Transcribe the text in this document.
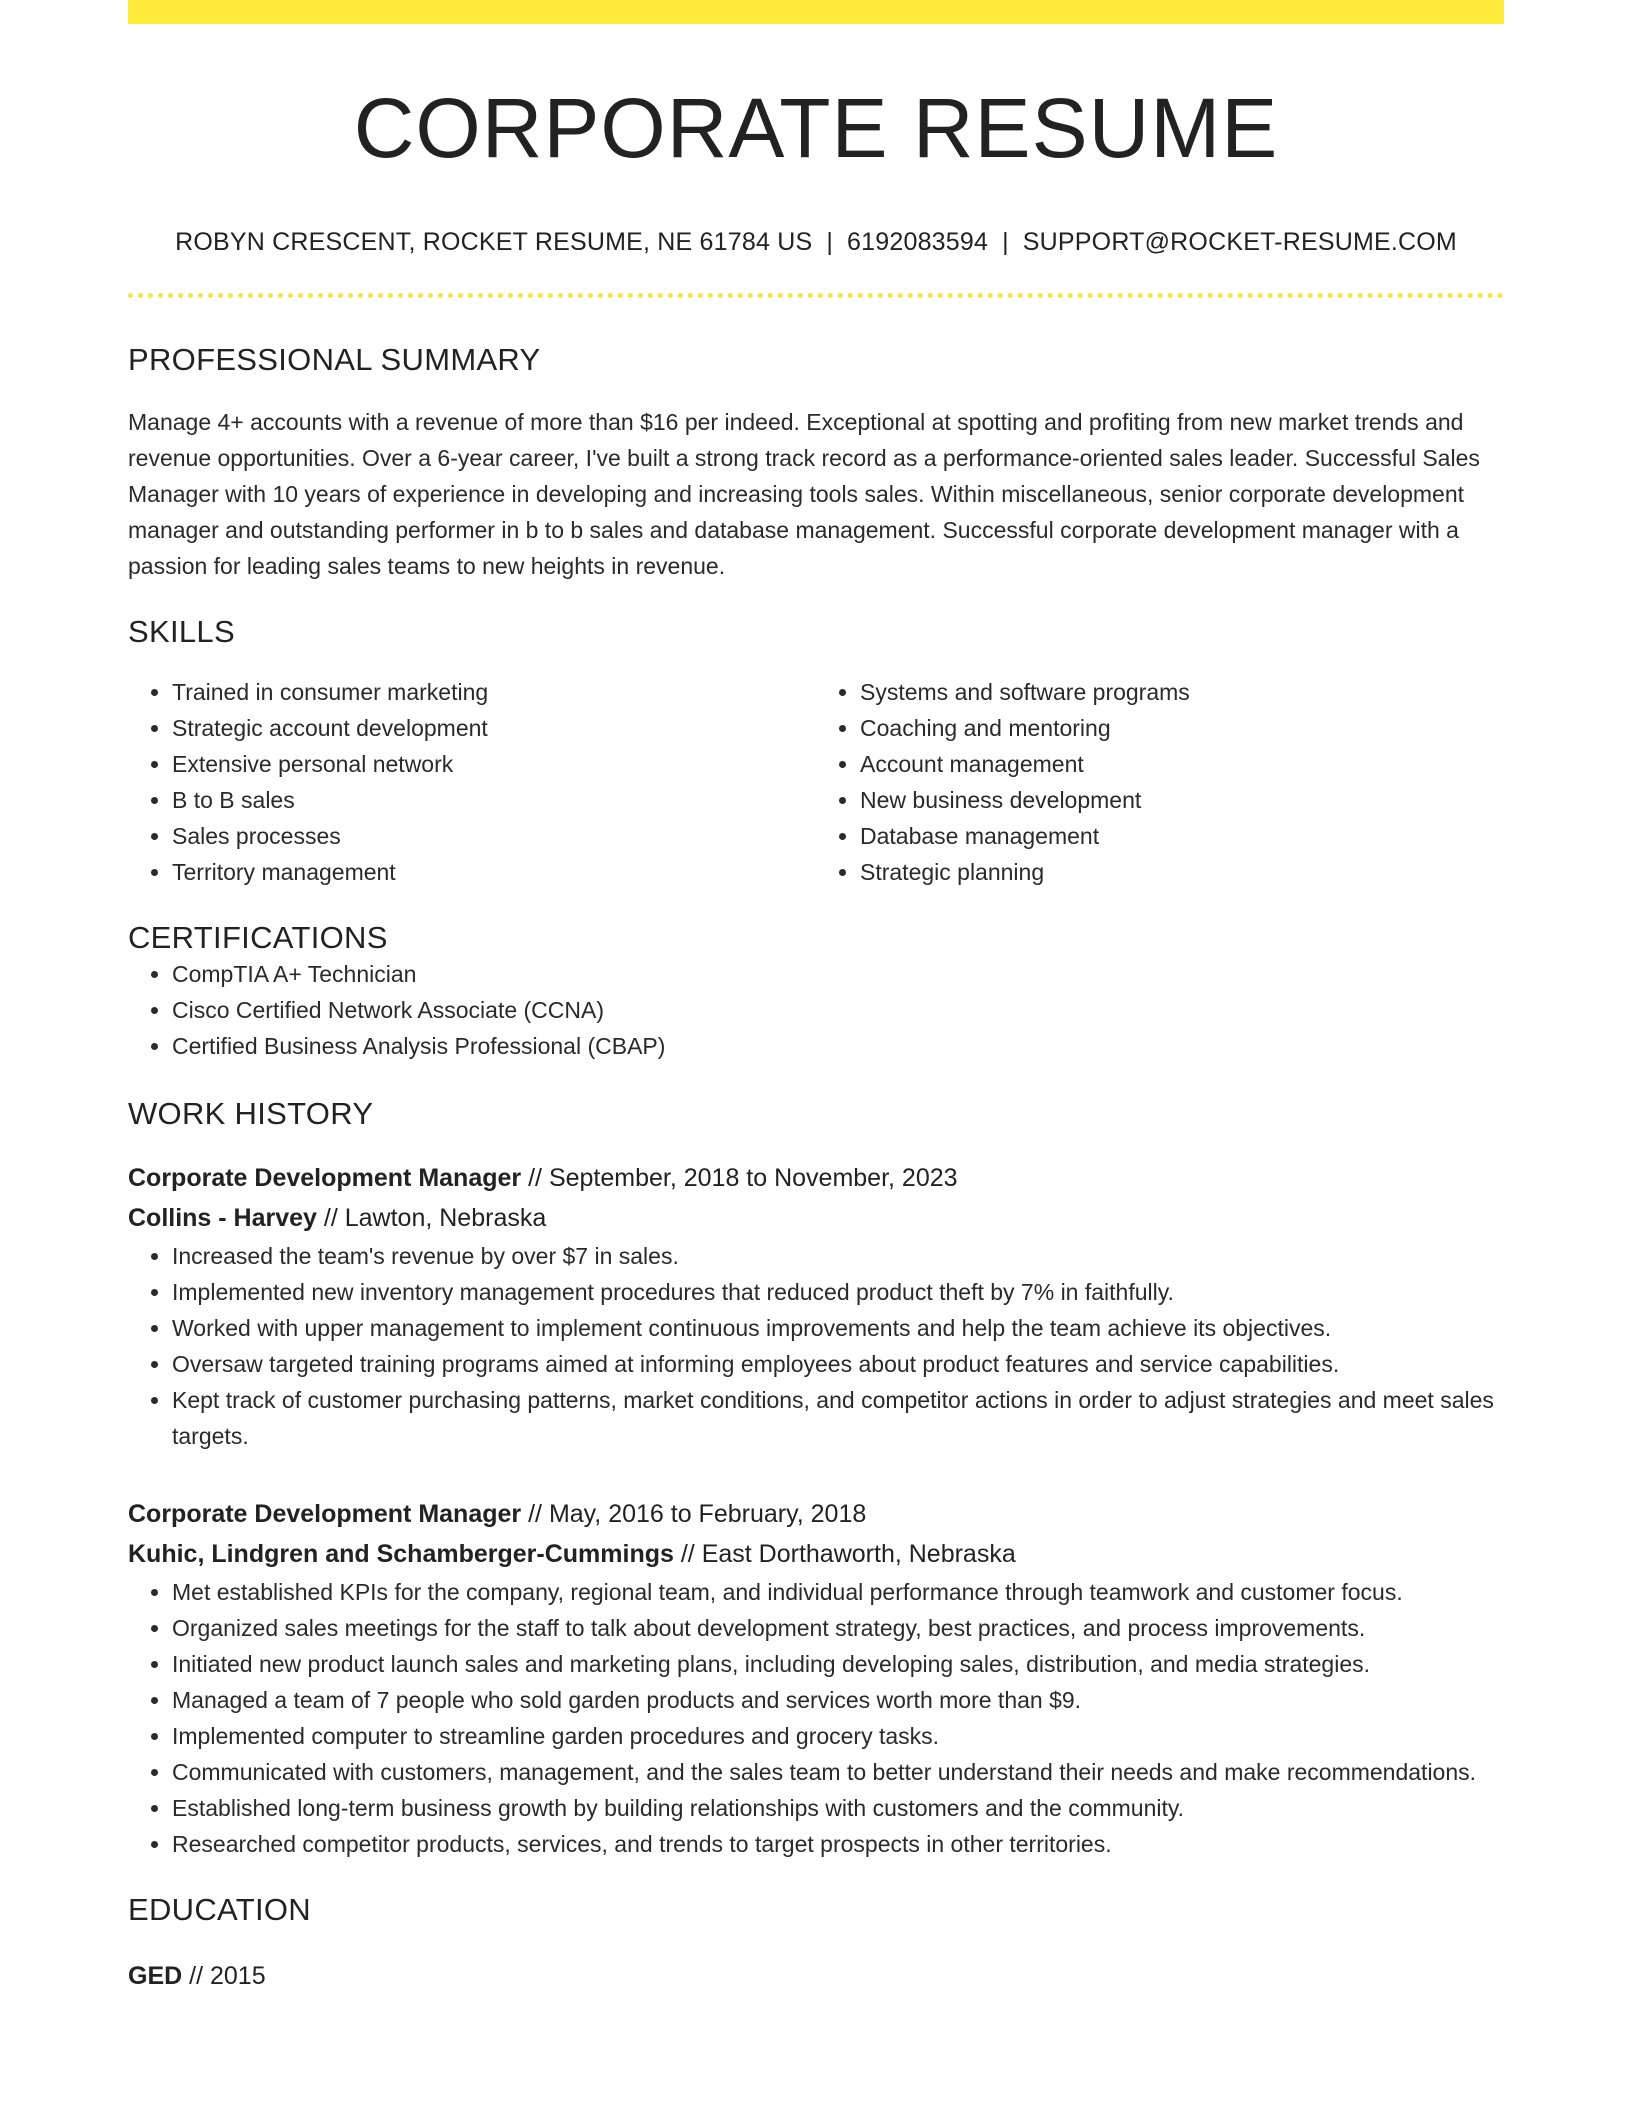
CORPORATE RESUME
ROBYN CRESCENT, ROCKET RESUME, NE 61784 US | 6192083594 | SUPPORT@ROCKET-RESUME.COM
PROFESSIONAL SUMMARY

Manage 4+ accounts with a revenue of more than $16 per indeed. Exceptional at spotting and profiting from new market trends and revenue opportunities. Over a 6-year career, I've built a strong track record as a performance-oriented sales leader. Successful Sales Manager with 10 years of experience in developing and increasing tools sales. Within miscellaneous, senior corporate development manager and outstanding performer in b to b sales and database management. Successful corporate development manager with a passion for leading sales teams to new heights in revenue.

SKILLS
• Trained in consumer marketing
• Strategic account development
• Extensive personal network
• B to B sales
• Sales processes
• Territory management
• Systems and software programs
• Coaching and mentoring
• Account management
• New business development
• Database management
• Strategic planning
CERTIFICATIONS
• CompTIA A+ Technician
• Cisco Certified Network Associate (CCNA)
• Certified Business Analysis Professional (CBAP)
WORK HISTORY
Corporate Development Manager // September, 2018 to November, 2023
Collins - Harvey // Lawton, Nebraska
• Increased the team's revenue by over $7 in sales.
• Implemented new inventory management procedures that reduced product theft by 7% in faithfully.
• Worked with upper management to implement continuous improvements and help the team achieve its objectives.
• Oversaw targeted training programs aimed at informing employees about product features and service capabilities.
• Kept track of customer purchasing patterns, market conditions, and competitor actions in order to adjust strategies and meet sales targets.
Corporate Development Manager // May, 2016 to February, 2018
Kuhic, Lindgren and Schamberger-Cummings // East Dorthaworth, Nebraska
• Met established KPIs for the company, regional team, and individual performance through teamwork and customer focus.
• Organized sales meetings for the staff to talk about development strategy, best practices, and process improvements.
• Initiated new product launch sales and marketing plans, including developing sales, distribution, and media strategies.
• Managed a team of 7 people who sold garden products and services worth more than $9.
• Implemented computer to streamline garden procedures and grocery tasks.
• Communicated with customers, management, and the sales team to better understand their needs and make recommendations.
• Established long-term business growth by building relationships with customers and the community.
• Researched competitor products, services, and trends to target prospects in other territories.
EDUCATION
GED // 2015
